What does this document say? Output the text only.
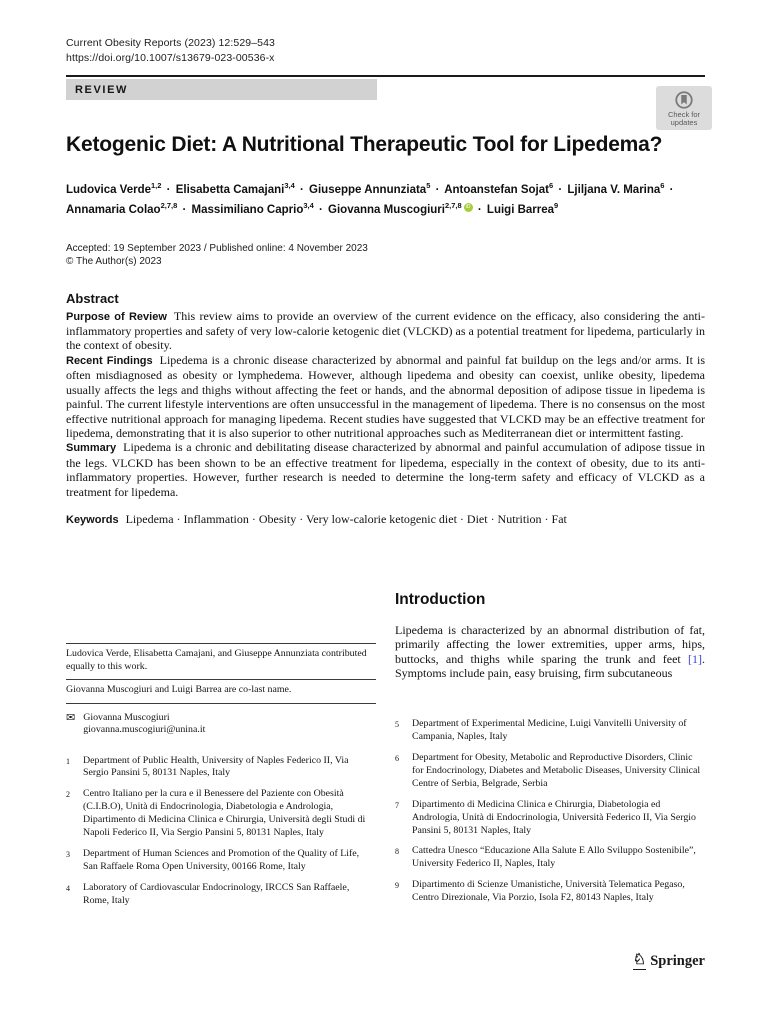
Current Obesity Reports (2023) 12:529–543
https://doi.org/10.1007/s13679-023-00536-x
REVIEW
Check for
updates
Ketogenic Diet: A Nutritional Therapeutic Tool for Lipedema?
Ludovica Verde$^{1,2}$ · Elisabetta Camajani$^{3,4}$ · Giuseppe Annunziata$^5$ · Antoanstefan Sojat$^6$ · Ljiljana V. Marina$^6$ ·
Annamaria Colao$^{2,7,8}$ · Massimiliano Caprio$^{3,4}$ · Giovanna Muscogiuri$^{2,7,8}$ iD · Luigi Barrea$^9$
Accepted: 19 September 2023 / Published online: 4 November 2023
© The Author(s) 2023
Abstract

Purpose of Review This review aims to provide an overview of the current evidence on the efficacy, also considering the anti-inflammatory properties and safety of very low-calorie ketogenic diet (VLCKD) as a potential treatment for lipedema, particularly in the context of obesity.

Recent Findings Lipedema is a chronic disease characterized by abnormal and painful fat buildup on the legs and/or arms. It is often misdiagnosed as obesity or lymphedema. However, although lipedema and obesity can coexist, unlike obesity, lipedema usually affects the legs and thighs without affecting the feet or hands, and the abnormal deposition of adipose tissue in lipedema is painful. The current lifestyle interventions are often unsuccessful in the management of lipedema. There is no consensus on the most effective nutritional approach for managing lipedema. Recent studies have suggested that VLCKD may be an effective treatment for lipedema, demonstrating that it is also superior to other nutritional approaches such as Mediterranean diet or intermittent fasting.

Summary Lipedema is a chronic and debilitating disease characterized by abnormal and painful accumulation of adipose tissue in the legs. VLCKD has been shown to be an effective treatment for lipedema, especially in the context of obesity, due to its anti-inflammatory properties. However, further research is needed to determine the long-term safety and efficacy of VLCKD as a treatment for lipedema.

Keywords Lipedema · Inflammation · Obesity · Very low-calorie ketogenic diet · Diet · Nutrition · Fat
Ludovica Verde, Elisabetta Camajani, and Giuseppe Annunziata contributed equally to this work.
Giovanna Muscogiuri and Luigi Barrea are co-last name.
✉ Giovanna Muscogiuri
giovanna.muscogiuri@unina.it
1	Department of Public Health, University of Naples Federico II, Via Sergio Pansini 5, 80131 Naples, Italy
2	Centro Italiano per la cura e il Benessere del Paziente con Obesità (C.I.B.O), Unità di Endocrinologia, Diabetologia e Andrologia, Dipartimento di Medicina Clinica e Chirurgia, Università degli Studi di Napoli Federico II, Via Sergio Pansini 5, 80131 Naples, Italy
3	Department of Human Sciences and Promotion of the Quality of Life, San Raffaele Roma Open University, 00166 Rome, Italy
4	Laboratory of Cardiovascular Endocrinology, IRCCS San Raffaele, Rome, Italy
Introduction

Lipedema is characterized by an abnormal distribution of fat, primarily affecting the lower extremities, upper arms, hips, buttocks, and thighs while sparing the trunk and feet [1]. Symptoms include pain, easy bruising, firm subcutaneous

5	Department of Experimental Medicine, Luigi Vanvitelli University of Campania, Naples, Italy
6	Department for Obesity, Metabolic and Reproductive Disorders, Clinic for Endocrinology, Diabetes and Metabolic Diseases, University Clinical Centre of Serbia, Belgrade, Serbia
7	Dipartimento di Medicina Clinica e Chirurgia, Diabetologia ed Andrologia, Unità di Endocrinologia, Università Federico II, Via Sergio Pansini 5, 80131 Naples, Italy
8	Cattedra Unesco “Educazione Alla Salute E Allo Sviluppo Sostenibile”, University Federico II, Naples, Italy
9	Dipartimento di Scienze Umanistiche, Università Telematica Pegaso, Centro Direzionale, Via Porzio, Isola F2, 80143 Naples, Italy
♘ Springer
